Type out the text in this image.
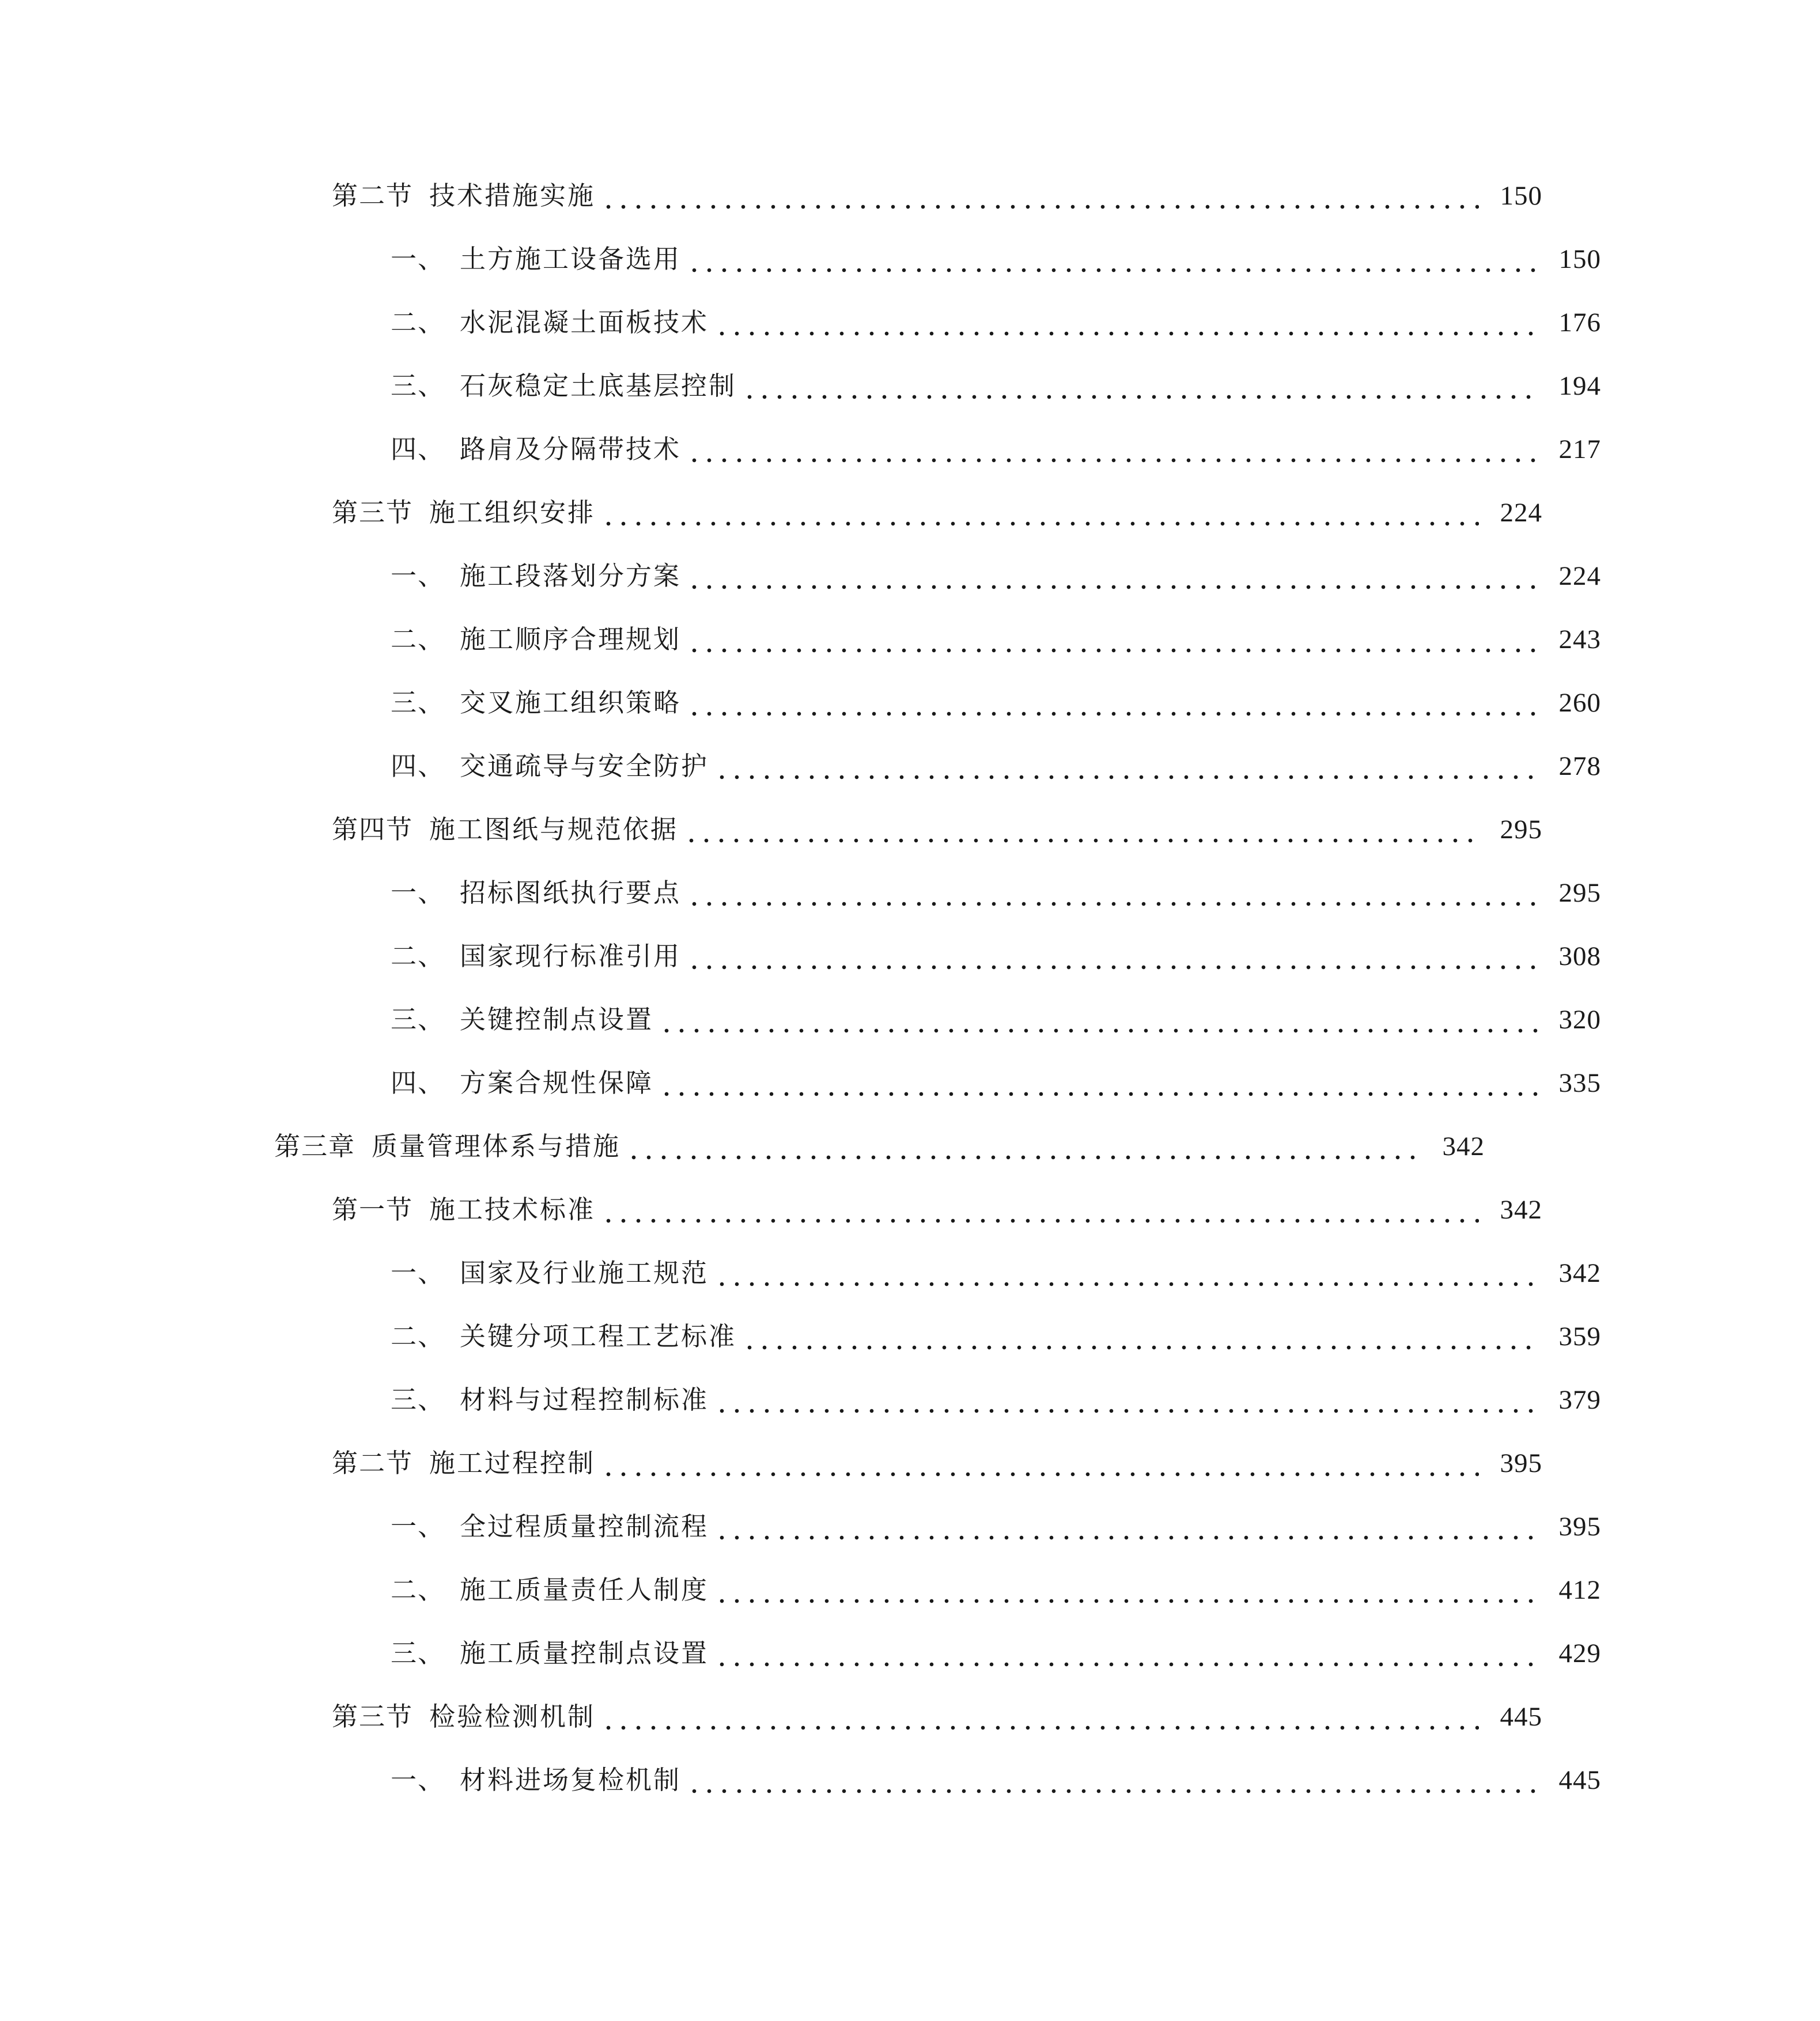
第二节 技术措施实施	150
一、 土方施工设备选用	150
二、 水泥混凝土面板技术	176
三、 石灰稳定土底基层控制	194
四、 路肩及分隔带技术	217
第三节 施工组织安排	224
一、 施工段落划分方案	224
二、 施工顺序合理规划	243
三、 交叉施工组织策略	260
四、 交通疏导与安全防护	278
第四节 施工图纸与规范依据	295
一、 招标图纸执行要点	295
二、 国家现行标准引用	308
三、 关键控制点设置	320
四、 方案合规性保障	335
第三章 质量管理体系与措施	342
第一节 施工技术标准	342
一、 国家及行业施工规范	342
二、 关键分项工程工艺标准	359
三、 材料与过程控制标准	379
第二节 施工过程控制	395
一、 全过程质量控制流程	395
二、 施工质量责任人制度	412
三、 施工质量控制点设置	429
第三节 检验检测机制	445
一、 材料进场复检机制	445
